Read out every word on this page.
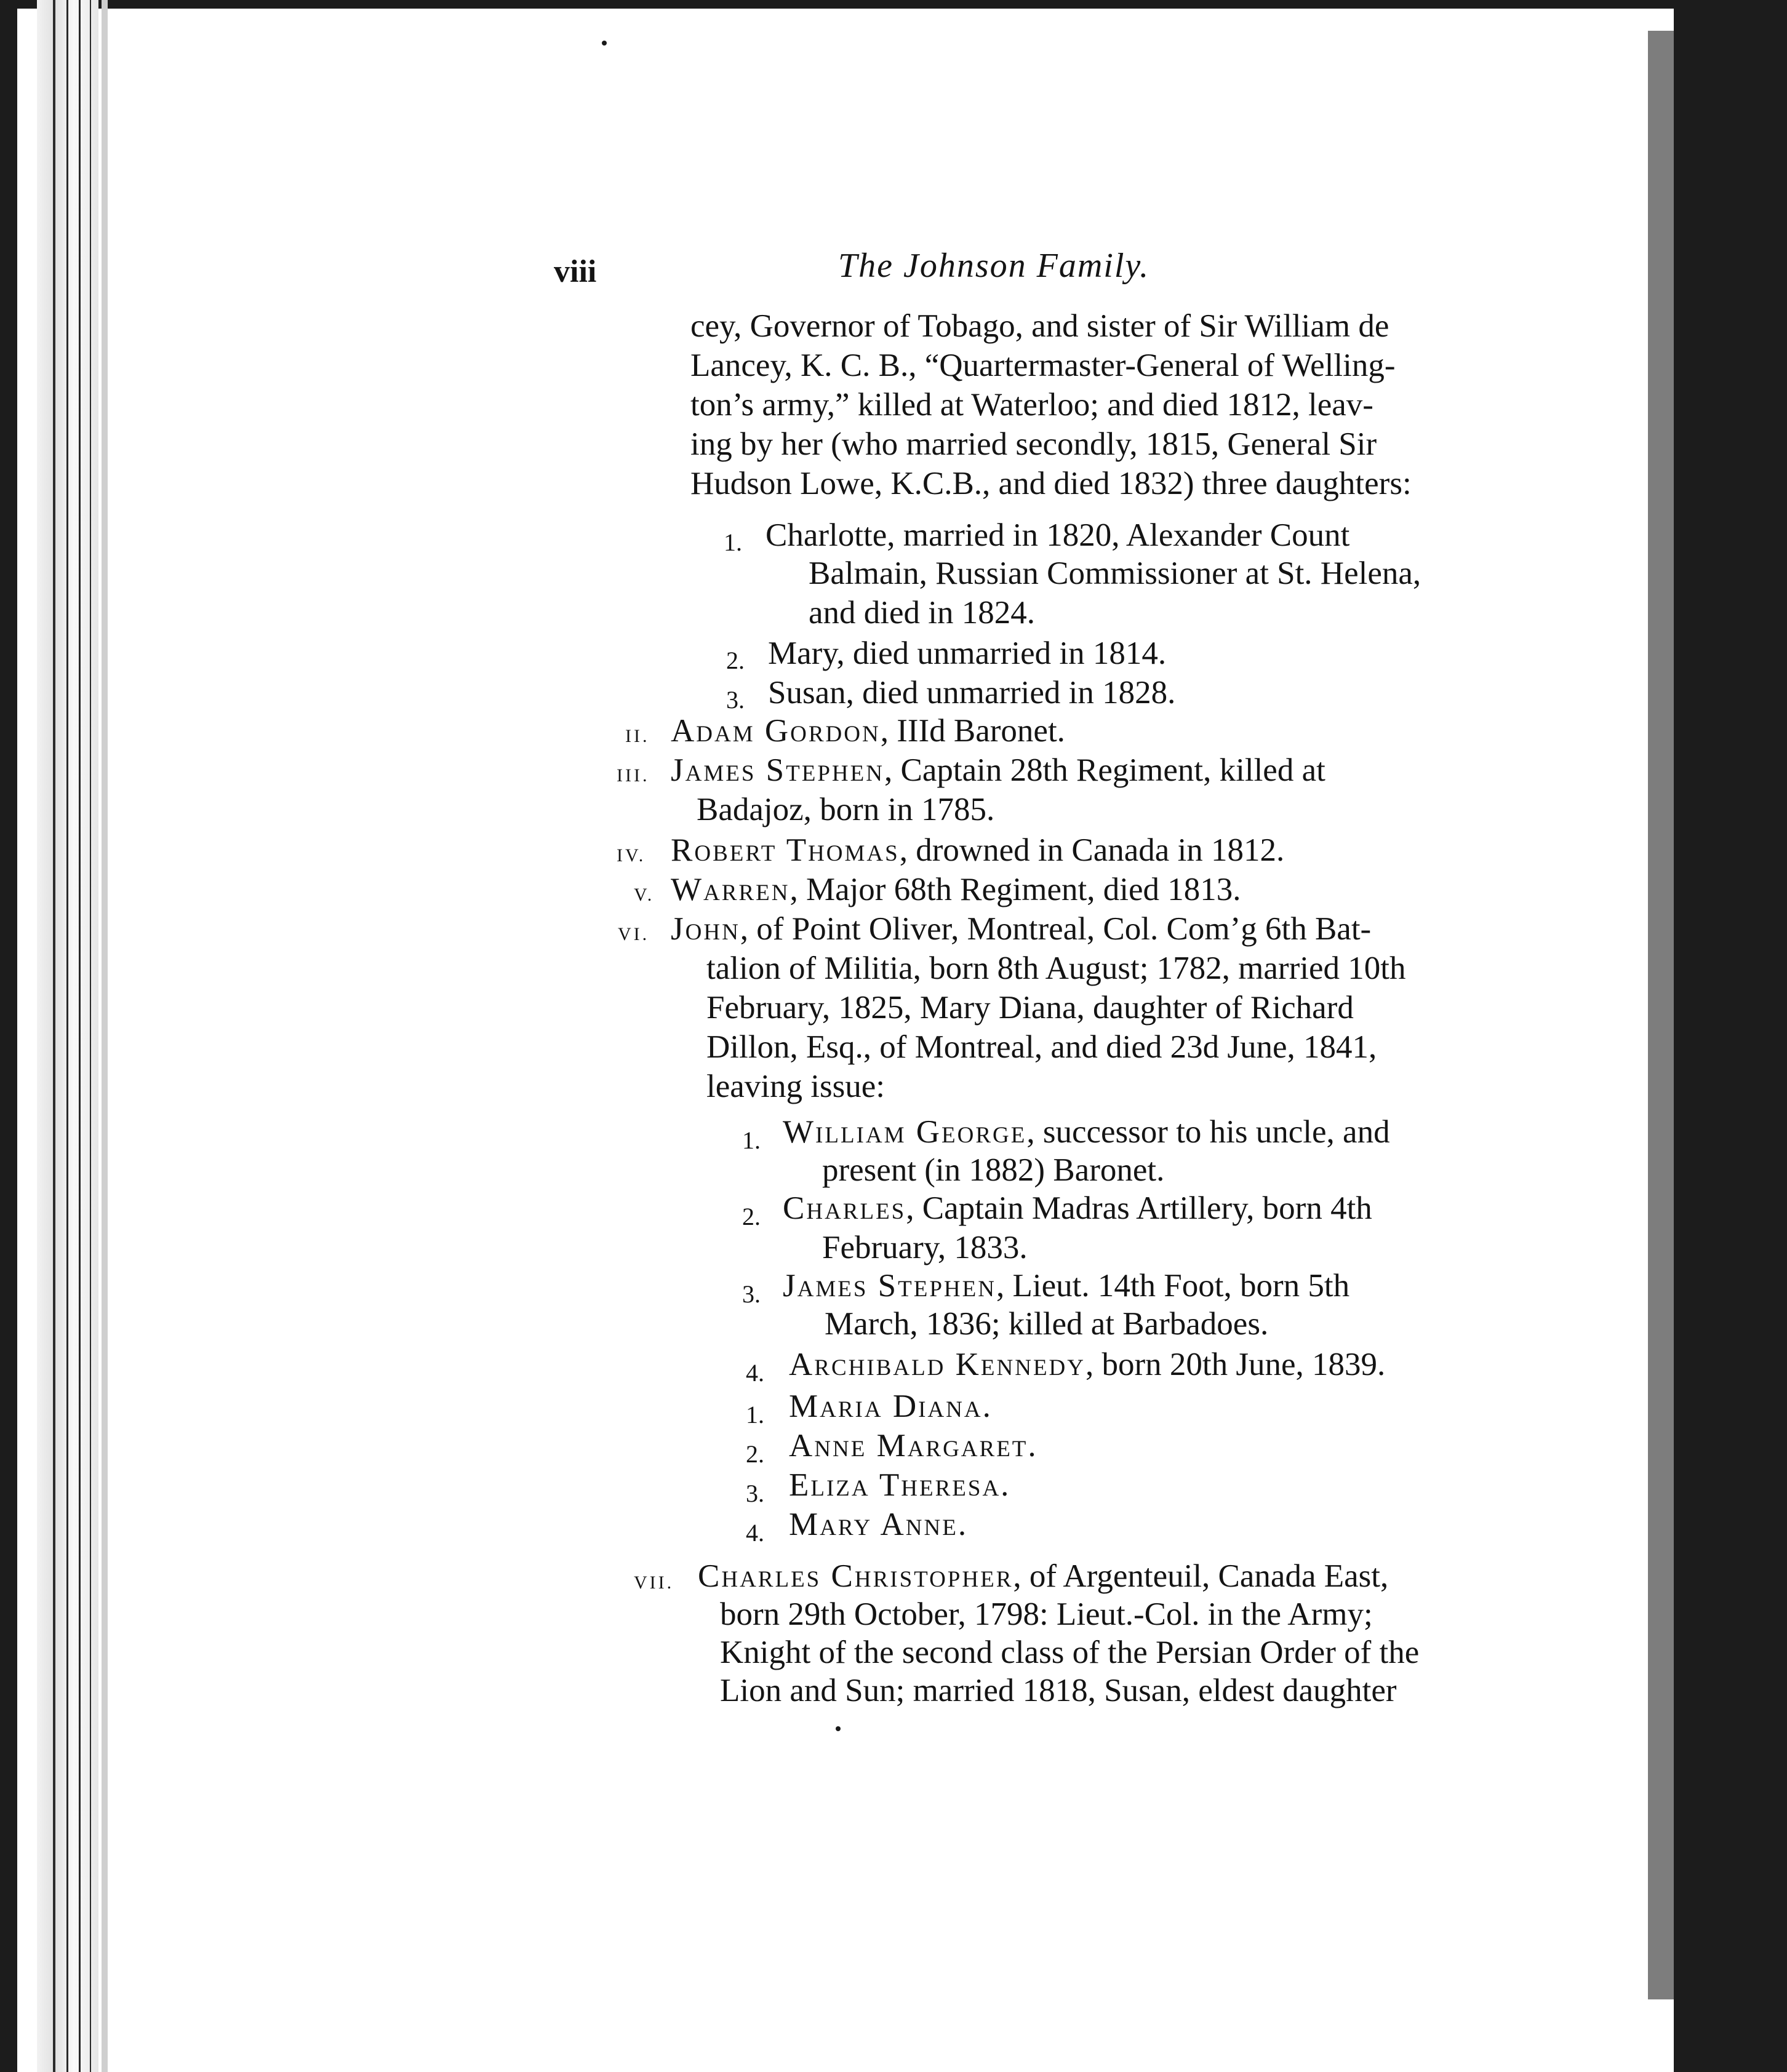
viii	The Johnson Family.
cey, Governor of Tobago, and sister of Sir William de
Lancey, K. C. B., “Quartermaster-General of Welling-
ton’s army,” killed at Waterloo; and died 1812, leav-
ing by her (who married secondly, 1815, General Sir
Hudson Lowe, K.C.B., and died 1832) three daughters:
1. Charlotte, married in 1820, Alexander Count
Balmain, Russian Commissioner at St. Helena,
and died in 1824.
2. Mary, died unmarried in 1814.
3. Susan, died unmarried in 1828.
II. Adam Gordon, IIId Baronet.
III. James Stephen, Captain 28th Regiment, killed at
Badajoz, born in 1785.
IV. Robert Thomas, drowned in Canada in 1812.
V. Warren, Major 68th Regiment, died 1813.
VI. John, of Point Oliver, Montreal, Col. Com’g 6th Bat-
talion of Militia, born 8th August; 1782, married 10th
February, 1825, Mary Diana, daughter of Richard
Dillon, Esq., of Montreal, and died 23d June, 1841,
leaving issue:
1. William George, successor to his uncle, and
present (in 1882) Baronet.
2. Charles, Captain Madras Artillery, born 4th
February, 1833.
3. James Stephen, Lieut. 14th Foot, born 5th
March, 1836; killed at Barbadoes.
4. Archibald Kennedy, born 20th June, 1839.
1. Maria Diana.
2. Anne Margaret.
3. Eliza Theresa.
4. Mary Anne.
VII. Charles Christopher, of Argenteuil, Canada East,
born 29th October, 1798: Lieut.-Col. in the Army;
Knight of the second class of the Persian Order of the
Lion and Sun; married 1818, Susan, eldest daughter
